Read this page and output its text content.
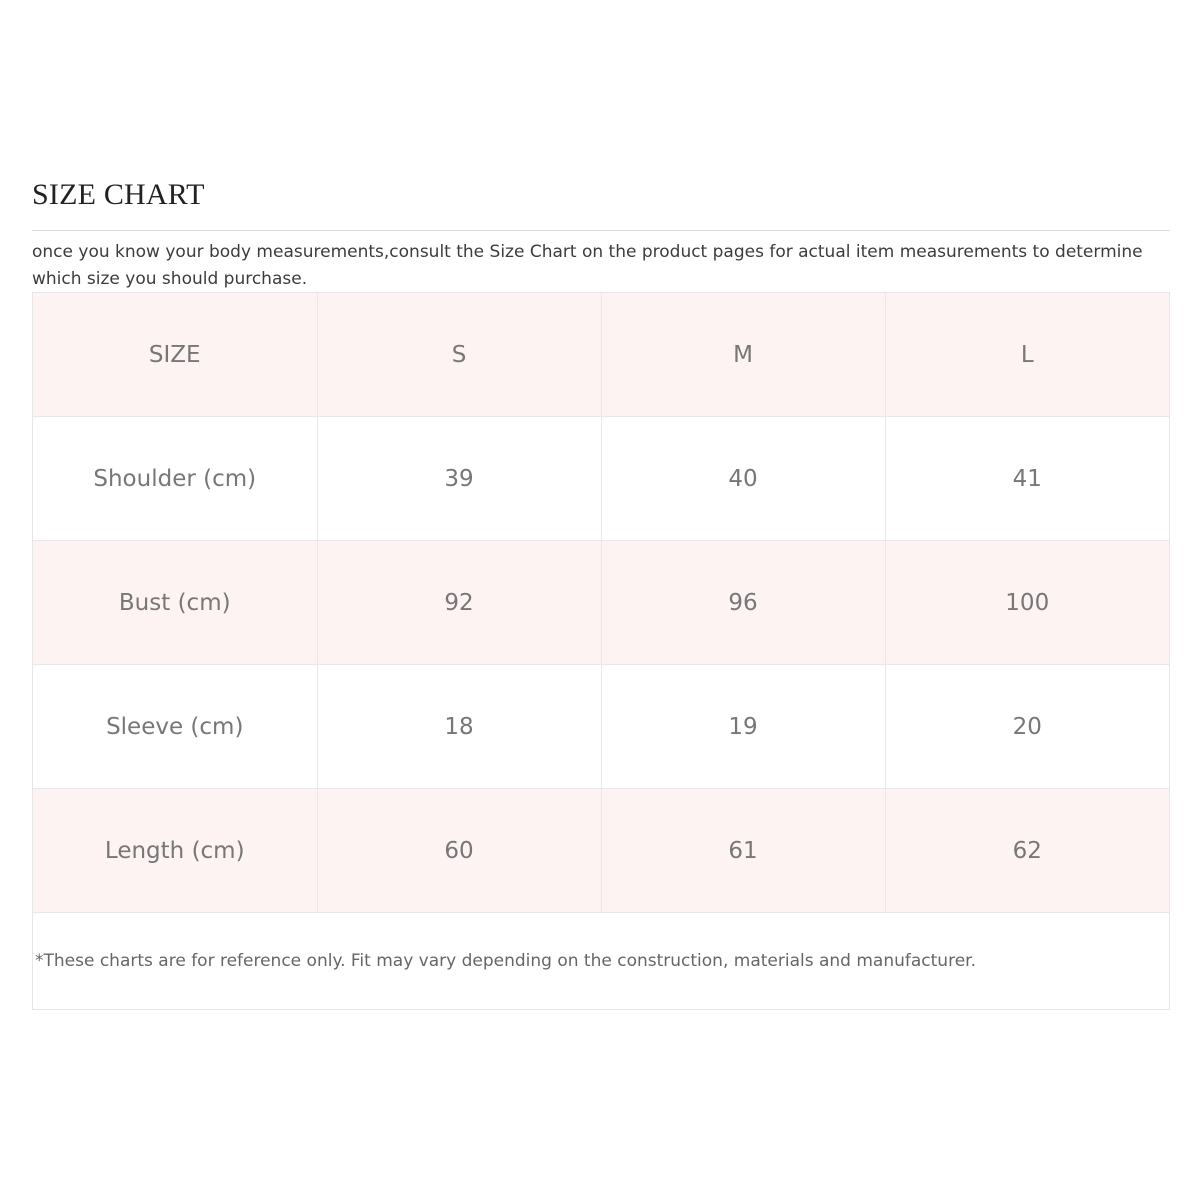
SIZE CHART

once you know your body measurements,consult the Size Chart on the product pages for actual item measurements to determine which size you should purchase.

SIZE	S	M	L
Shoulder (cm)	39	40	41
Bust (cm)	92	96	100
Sleeve (cm)	18	19	20
Length (cm)	60	61	62

*These charts are for reference only. Fit may vary depending on the construction, materials and manufacturer.
